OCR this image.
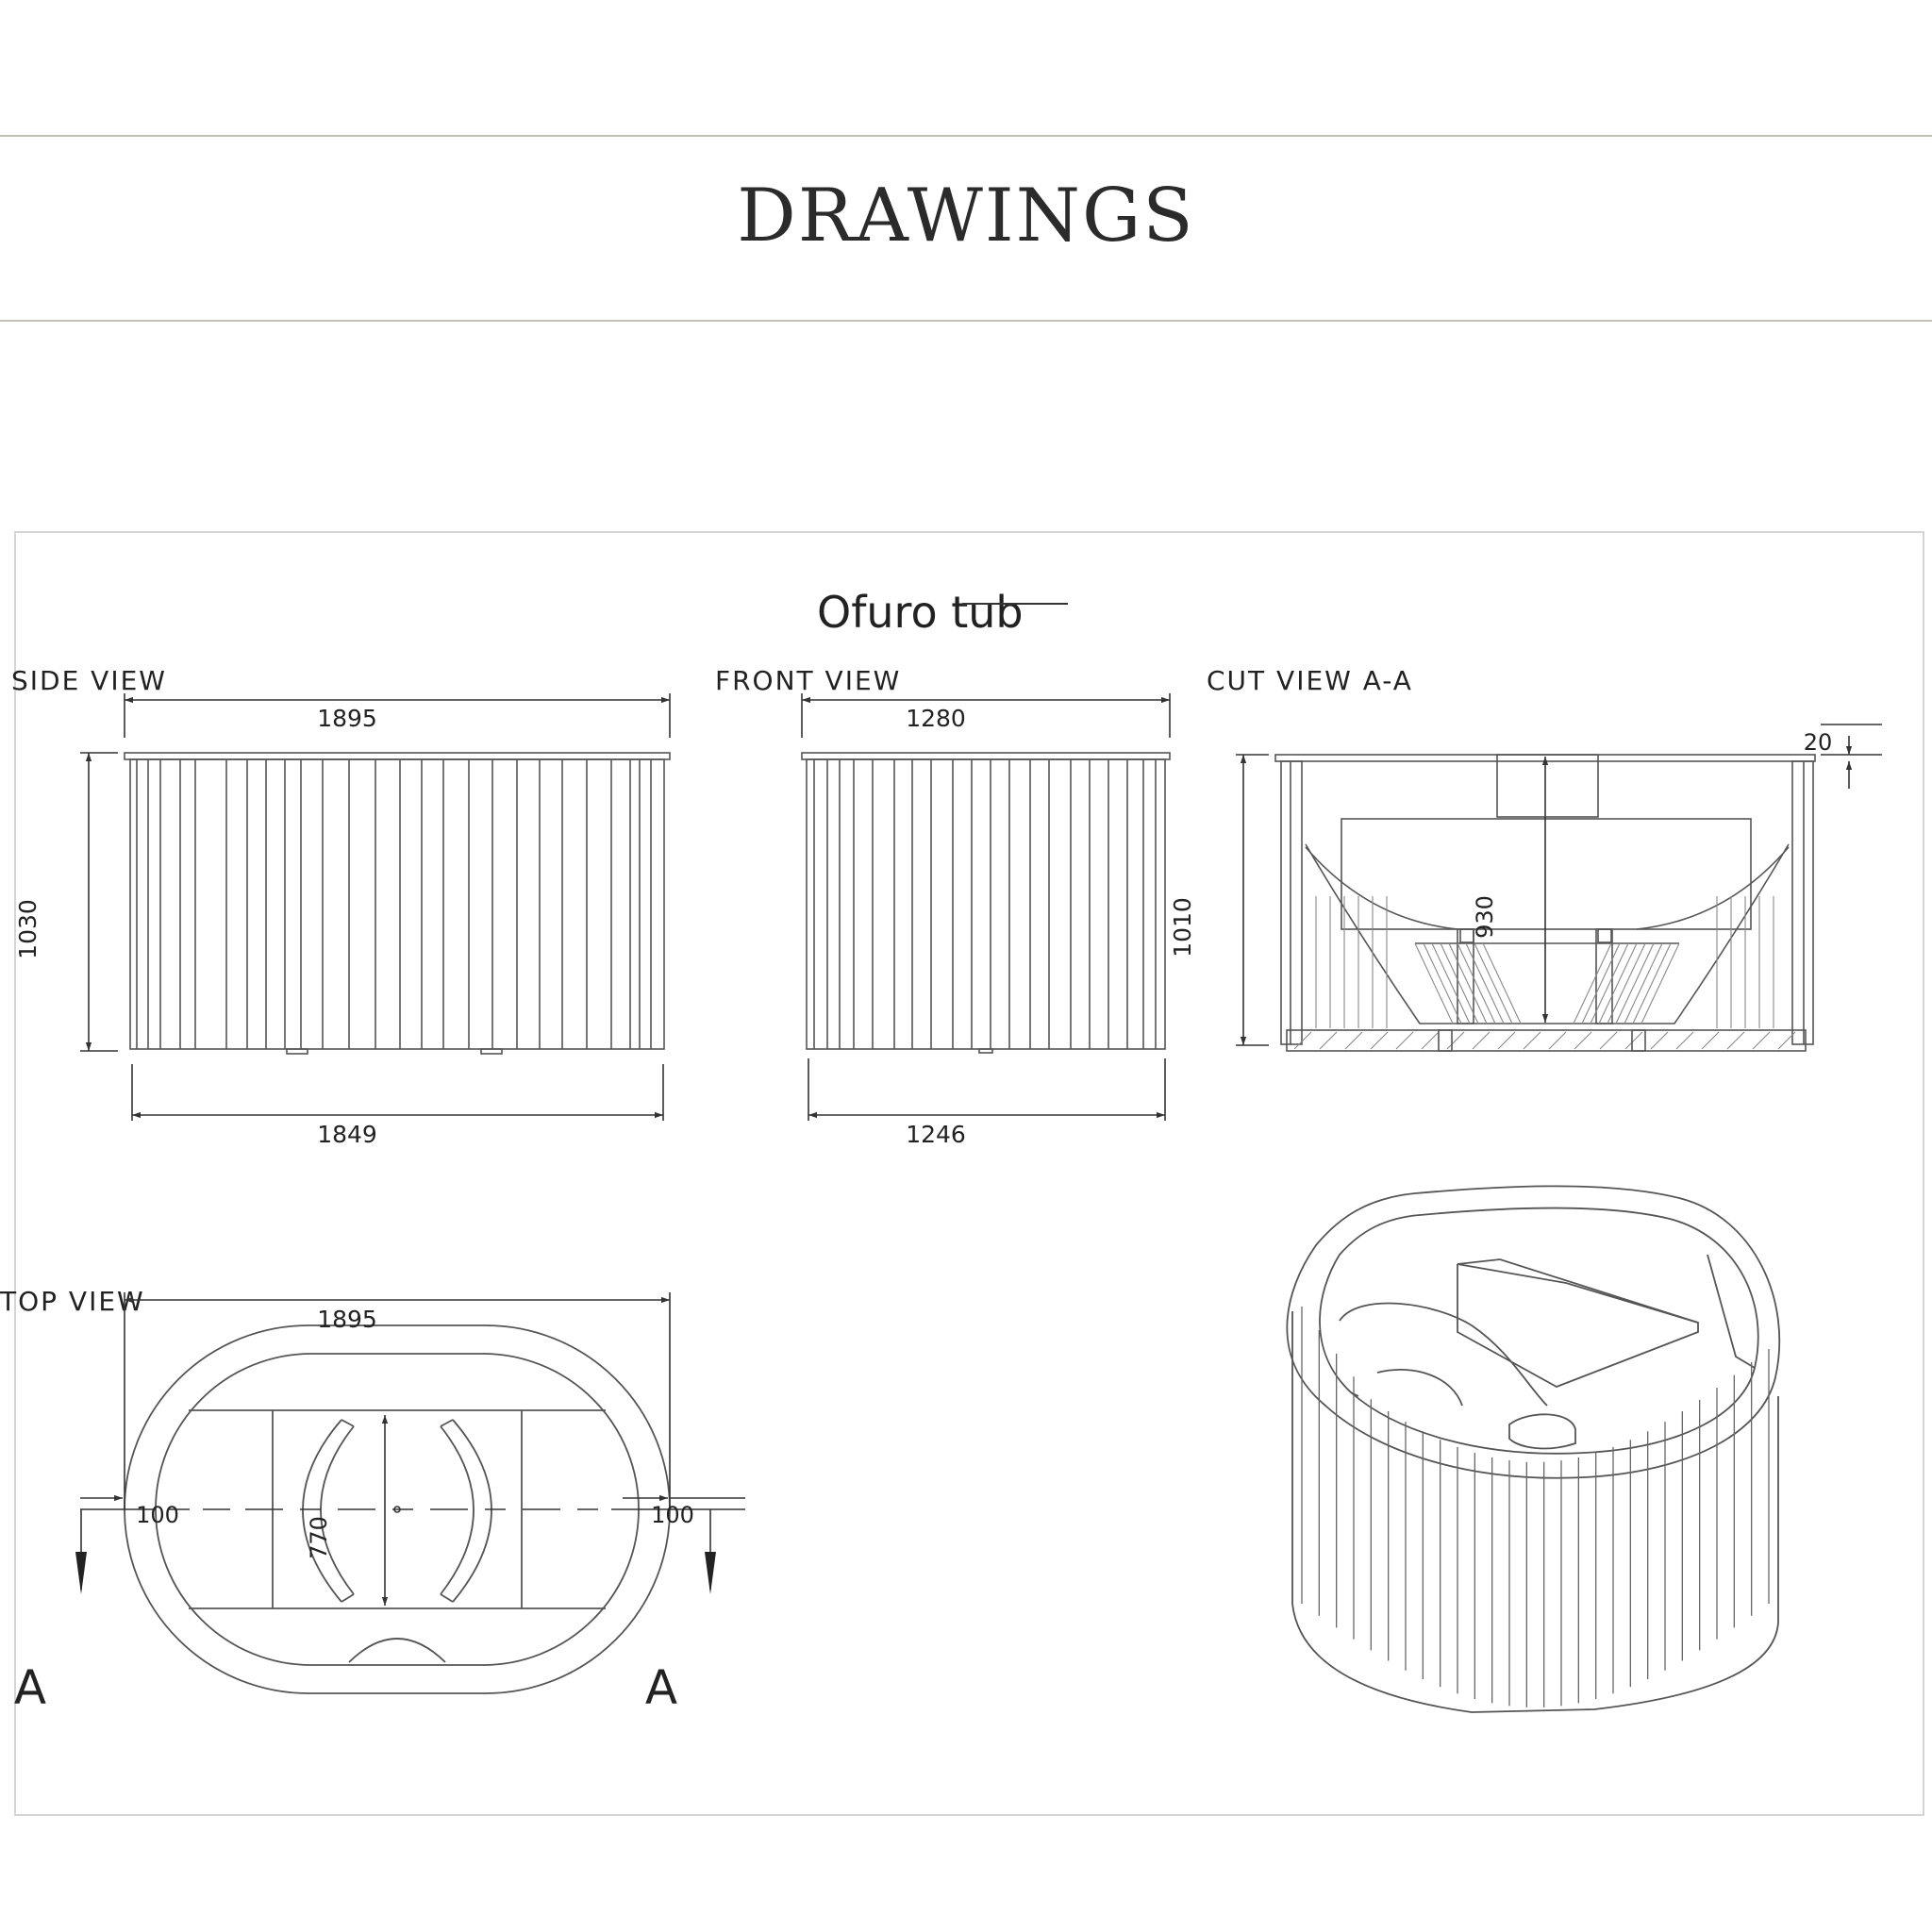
DRAWINGS
Ofuro tub
SIDE VIEW
1895
1849
1030
FRONT VIEW
1280
1246
1010
CUT VIEW A-A
20
930
TOP VIEW
1895
770
100	100
A	A
